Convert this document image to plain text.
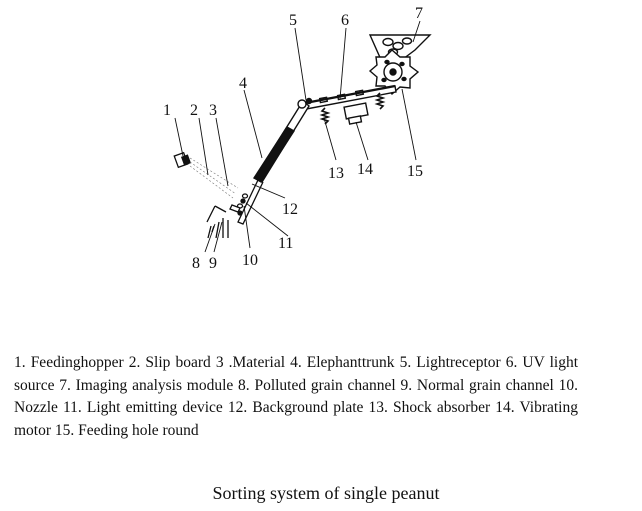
1 2 3
4
5	6	7
8 9 10
11
12
13 14 15

1. Feedinghopper 2. Slip board 3 .Material 4. Elephanttrunk 5. Lightreceptor 6. UV light source 7. Imaging analysis module 8. Polluted grain channel 9. Normal grain channel 10. Nozzle 11. Light emitting device 12. Background plate 13. Shock absorber 14. Vibrating motor 15. Feeding hole round

Sorting system of single peanut
